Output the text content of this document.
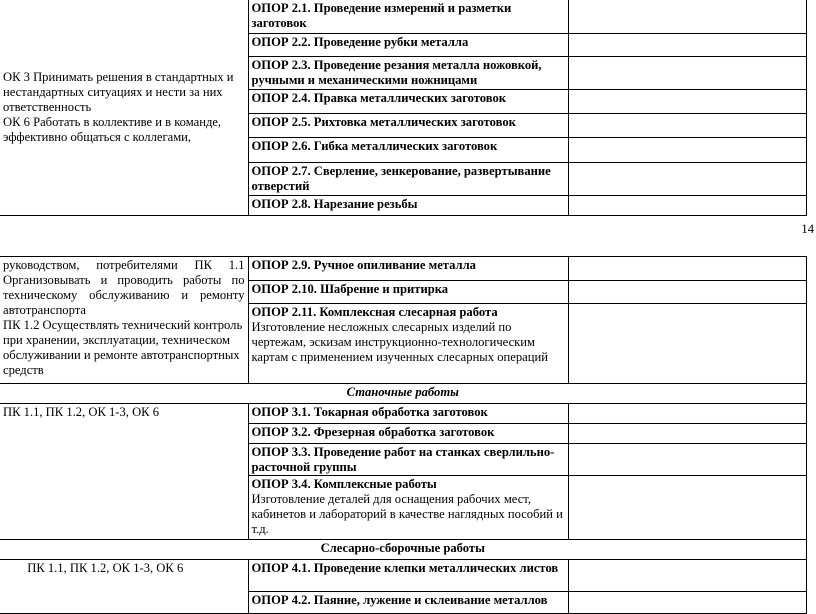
ОК 3 Принимать решения в стандартных и нестандартных ситуациях и нести за них ответственность
ОК 6 Работать в коллективе и в команде, эффективно общаться с коллегами,	ОПОР 2.1. Проведение измерений и разметки заготовок	
	ОПОР 2.2. Проведение рубки металла	
	ОПОР 2.3. Проведение резания металла ножовкой, ручными и механическими ножницами	
	ОПОР 2.4. Правка металлических заготовок	
	ОПОР 2.5. Рихтовка металлических заготовок	
	ОПОР 2.6. Гибка металлических заготовок	
	ОПОР 2.7. Сверление, зенкерование, развертывание отверстий	
	ОПОР 2.8. Нарезание резьбы	
14
руководством, потребителями ПК 1.1
Организовывать и проводить работы по
техническому обслуживанию и ремонту
автотранспорта
ПК 1.2 Осуществлять технический контроль при хранении, эксплуатации, техническом обслуживании и ремонте автотранспортных средств	ОПОР 2.9. Ручное опиливание металла	
	ОПОР 2.10. Шабрение и притирка	

	ОПОР 2.11. Комплексная слесарная работа
Изготовление несложных слесарных изделий по чертежам, эскизам инструкционно-технологическим картам с применением изученных слесарных операций	

Станочные работы		
ПК 1.1, ПК 1.2, ОК 1-3, ОК 6	ОПОР 3.1. Токарная обработка заготовок	
	ОПОР 3.2. Фрезерная обработка заготовок	
	ОПОР 3.3. Проведение работ на станках сверлильно-расточной группы	

	ОПОР 3.4. Комплексные работы
Изготовление деталей для оснащения рабочих мест, кабинетов и лабораторий в качестве наглядных пособий и т.д.	

Слесарно-сборочные работы		
ПК 1.1, ПК 1.2, ОК 1-3, ОК 6	ОПОР 4.1. Проведение клепки металлических листов	
	ОПОР 4.2. Паяние, лужение и склеивание металлов	
